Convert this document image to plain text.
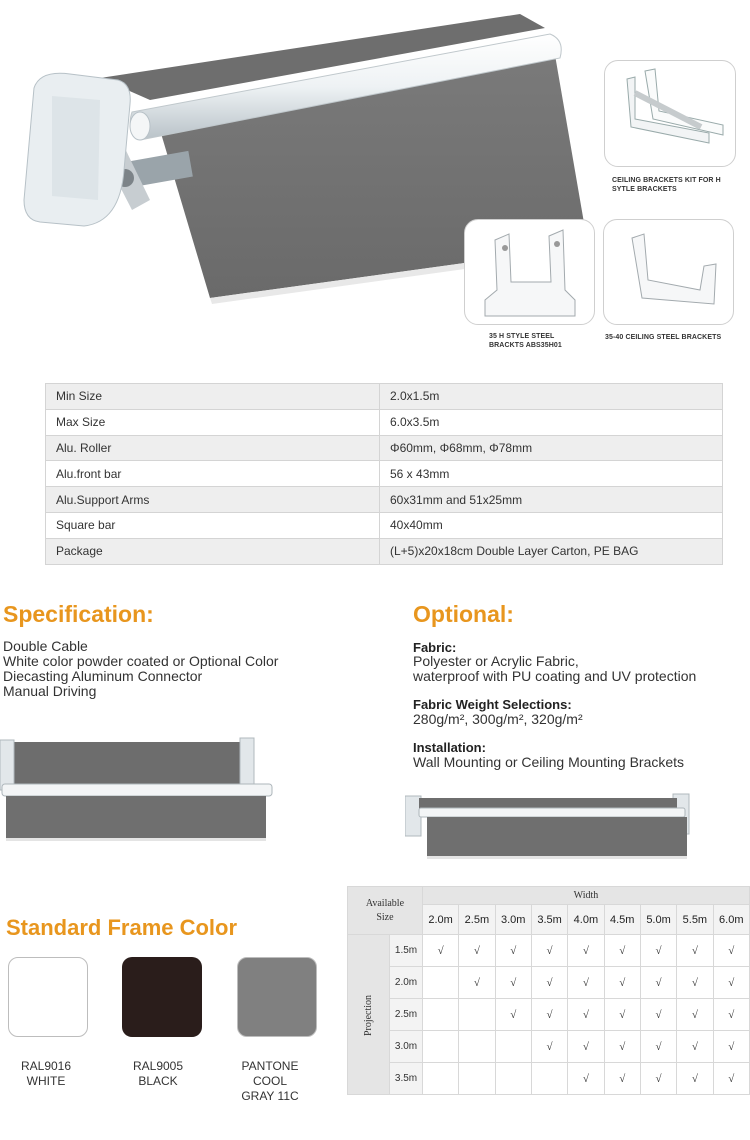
CEILING BRACKETS KIT FOR H SYTLE BRACKETS
35 H STYLE STEEL BRACKTS ABS35H01
35-40 CEILING STEEL BRACKETS
Min Size	2.0x1.5m
Max Size	6.0x3.5m
Alu. Roller	Φ60mm, Φ68mm, Φ78mm
Alu.front bar	56 x 43mm
Alu.Support Arms	60x31mm and 51x25mm
Square bar	40x40mm
Package	(L+5)x20x18cm Double Layer Carton, PE BAG
Specification:
Double Cable
White color powder coated or Optional Color
Diecasting Aluminum Connector
Manual Driving
Optional:
Fabric:
Polyester or Acrylic Fabric,
waterproof with PU coating and UV protection
Fabric Weight Selections:
280g/m², 300g/m², 320g/m²
Installation:
Wall Mounting or Ceiling Mounting Brackets
Standard Frame Color
RAL9016
WHITE
RAL9005
BLACK
PANTONE
COOL
GRAY 11C
Available
Size		Width								
		2.0m	2.5m	3.0m	3.5m	4.0m	4.5m	5.0m	5.5m	6.0m
Projection	1.5m	√	√	√	√	√	√	√	√	√
	2.0m		√	√	√	√	√	√	√	√
	2.5m			√	√	√	√	√	√	√
	3.0m				√	√	√	√	√	√
	3.5m					√	√	√	√	√
